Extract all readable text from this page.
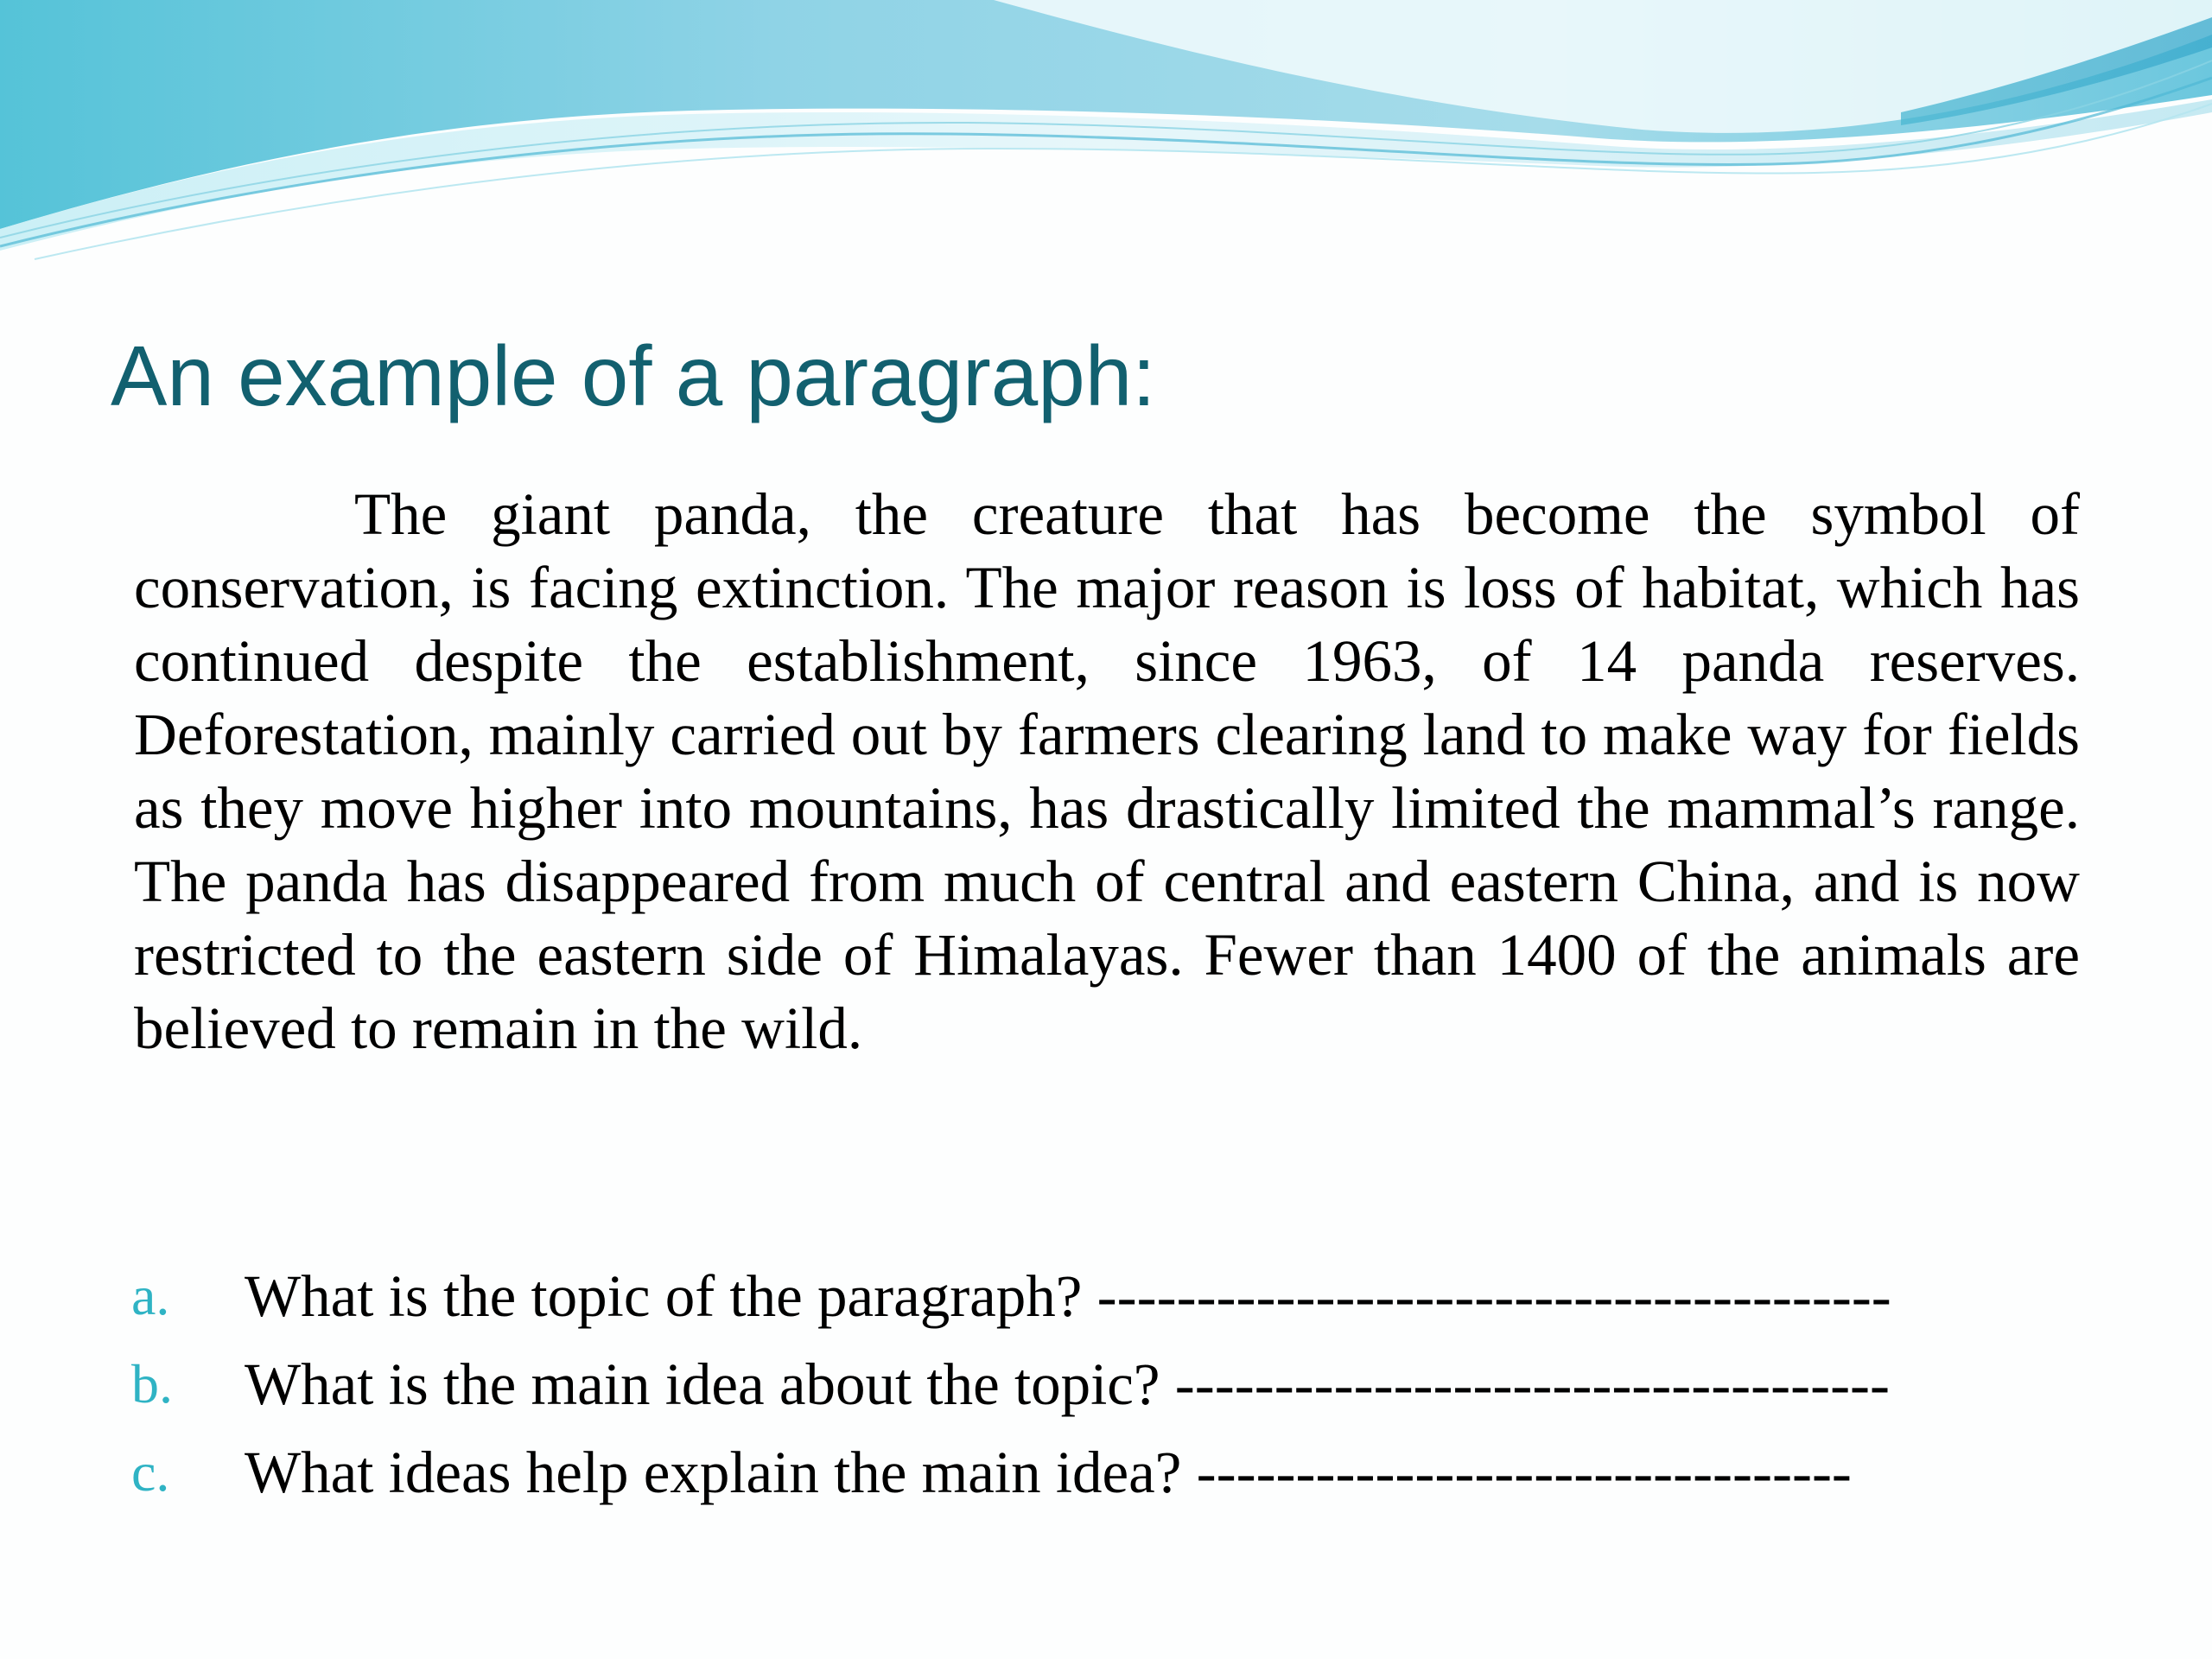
An example of a paragraph:

The giant panda, the creature that has become the symbol of conservation, is facing extinction. The major reason is loss of habitat, which has continued despite the establishment, since 1963, of 14 panda reserves. Deforestation, mainly carried out by farmers clearing land to make way for fields as they move higher into mountains, has drastically limited the mammal’s range. The panda has disappeared from much of central and eastern China, and is now restricted to the eastern side of Himalayas. Fewer than 1400 of the animals are believed to remain in the wild.

a. What is the topic of the paragraph? ----------------------------------------
b. What is the main idea about the topic? ------------------------------------
c. What ideas help explain the main idea? ---------------------------------
